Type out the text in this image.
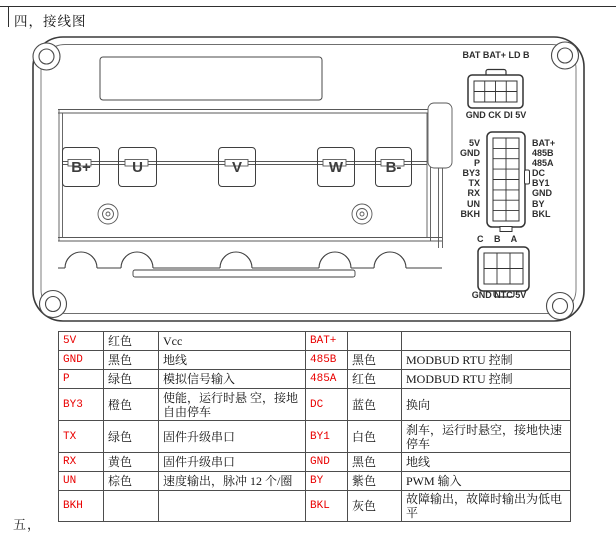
四，接线图
B+	U	V	W	B-
BAT BAT+ LD B
GND CK DI 5V
5V
GND
P
BY3
TX
RX
UN
BKH
BAT+
485B
485A
DC
BY1
GND
BY
BKL
C B A
GND NTC 5V
5V	红色	Vcc	BAT+		
GND	黑色	地线	485B	黑色	MODBUD RTU 控制
P	绿色	模拟信号输入	485A	红色	MODBUD RTU 控制
BY3	橙色	使能，运行时悬 空，接地自由停车	DC	蓝色	换向
TX	绿色	固件升级串口	BY1	白色	刹车，运行时悬空，接地快速停车
RX	黄色	固件升级串口	GND	黑色	地线
UN	棕色	速度输出，脉冲 12 个/圈	BY	紫色	PWM 输入
BKH			BKL	灰色	故障输出，故障时输出为低电平
五，
